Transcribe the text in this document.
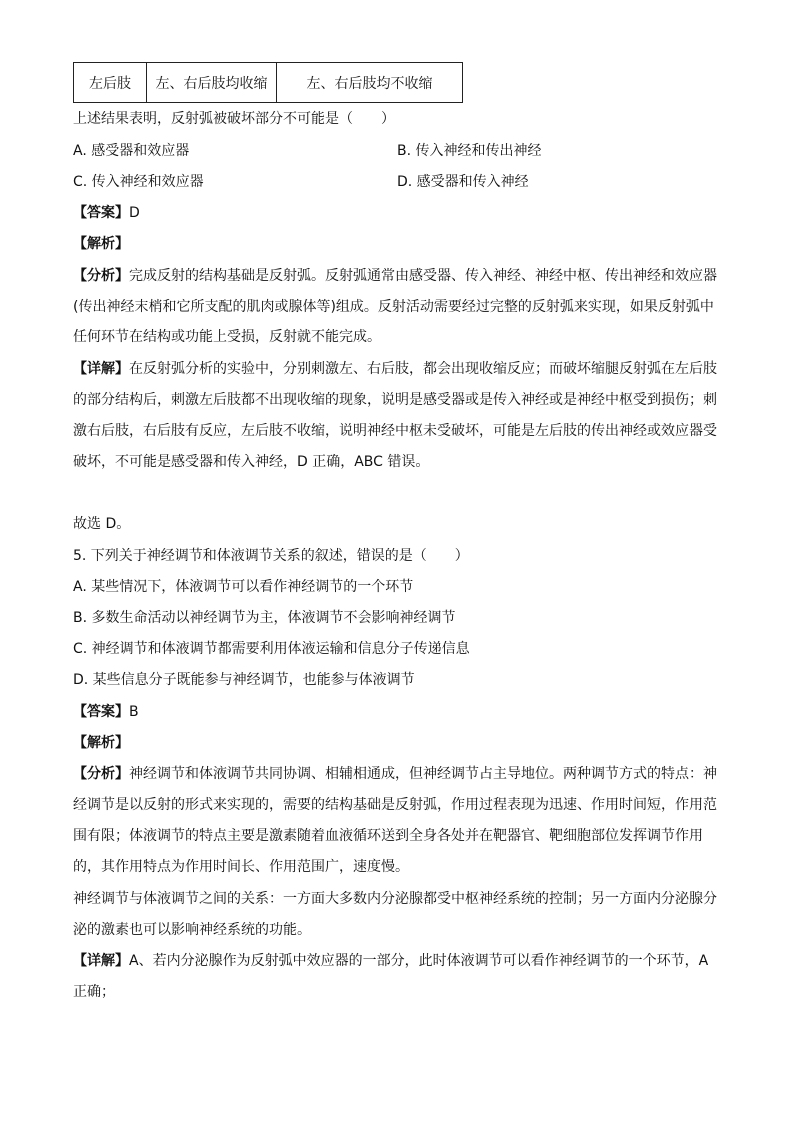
左后肢	左、右后肢均收缩	左、右后肢均不收缩
上述结果表明，反射弧被破坏部分不可能是（　　）
A. 感受器和效应器	B. 传入神经和传出神经
C. 传入神经和效应器	D. 感受器和传入神经
【答案】D
【解析】
【分析】完成反射的结构基础是反射弧。反射弧通常由感受器、传入神经、神经中枢、传出神经和效应器
(传出神经末梢和它所支配的肌肉或腺体等)组成。反射活动需要经过完整的反射弧来实现，如果反射弧中
任何环节在结构或功能上受损，反射就不能完成。
【详解】在反射弧分析的实验中，分别刺激左、右后肢，都会出现收缩反应；而破坏缩腿反射弧在左后肢
的部分结构后，刺激左后肢都不出现收缩的现象，说明是感受器或是传入神经或是神经中枢受到损伤；刺
激右后肢，右后肢有反应，左后肢不收缩，说明神经中枢未受破坏，可能是左后肢的传出神经或效应器受
破坏，不可能是感受器和传入神经，D 正确，ABC 错误。
故选 D。
5. 下列关于神经调节和体液调节关系的叙述，错误的是（　　）
A. 某些情况下，体液调节可以看作神经调节的一个环节
B. 多数生命活动以神经调节为主，体液调节不会影响神经调节
C. 神经调节和体液调节都需要利用体液运输和信息分子传递信息
D. 某些信息分子既能参与神经调节，也能参与体液调节
【答案】B
【解析】
【分析】神经调节和体液调节共同协调、相辅相通成，但神经调节占主导地位。两种调节方式的特点：神
经调节是以反射的形式来实现的，需要的结构基础是反射弧，作用过程表现为迅速、作用时间短，作用范
围有限；体液调节的特点主要是激素随着血液循环送到全身各处并在靶器官、靶细胞部位发挥调节作用
的，其作用特点为作用时间长、作用范围广，速度慢。
神经调节与体液调节之间的关系：一方面大多数内分泌腺都受中枢神经系统的控制；另一方面内分泌腺分
泌的激素也可以影响神经系统的功能。
【详解】A、若内分泌腺作为反射弧中效应器的一部分，此时体液调节可以看作神经调节的一个环节，A
正确；
